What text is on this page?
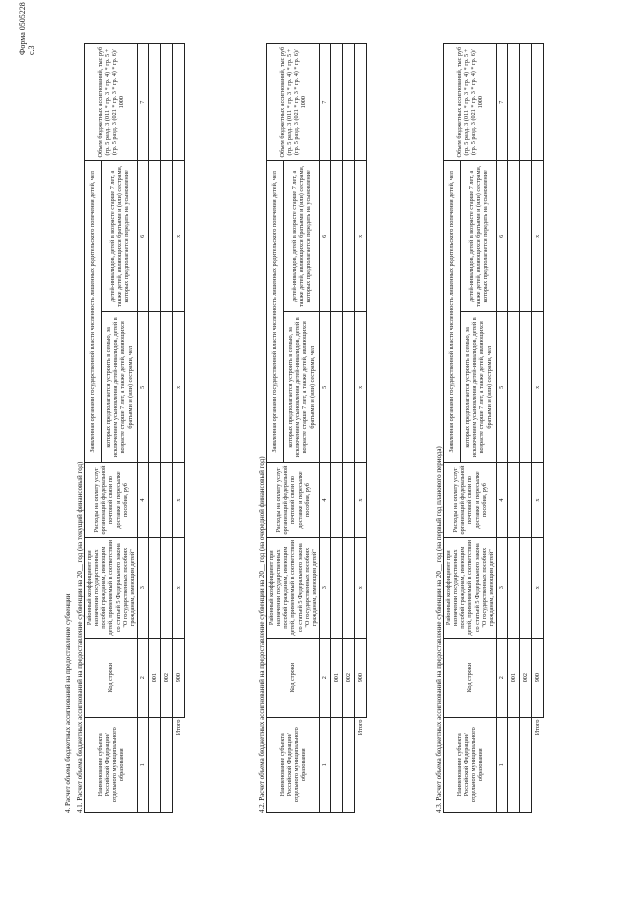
Форма 0505228 с.3
4. Расчет объема бюджетных ассигнований на предоставление субвенции 4.1. Расчет объема бюджетных ассигнований на предоставление субвенции на 20__ год (на текущий финансовый год) Наименование субъекта Российской Федерации/ отдельного муниципального образования	Код строки	Районный коэффициент при назначении государственных пособий гражданам, имеющим детей, применяемый в соответствии со статьей 5 Федерального закона "О государственных пособиях гражданам, имеющим детей"	Расходы на оплату услуг организаций федеральной почтовой связи по доставке и пересылке пособия, руб	Заявленная органами государственной власти численность лишенных родительского попечения детей, чел		Объем бюджетных ассигнований, тыс руб (гр. 5 разд. 3 (011 * гр. 3 * гр. 4) * гр. 5 + (гр. 5 разд. 3 (021 * гр. 3 * гр. 4) * гр. 6)/ 1000
				которых предполагается устроить в семью, за исключением усыновления детей-инвалидов, детей в возрасте старше 7 лет, а также детей, являющихся братьями и (или) сестрами, чел	детей-инвалидов, детей в возрасте старше 7 лет, а также детей, являющихся братьями и (или) сестрами, которых предполагается передать на усыновление	
1	2	3	4	5	6	7
	001					
	002					
Итого	900	x	x	x	x	
4.2. Расчет объема бюджетных ассигнований на предоставление субвенции на 20__ год (на очередной финансовый год) Наименование субъекта Российской Федерации/ отдельного муниципального образования	Код строки	Районный коэффициент при назначении государственных пособий гражданам, имеющим детей, применяемый в соответствии со статьей 5 Федерального закона "О государственных пособиях гражданам, имеющим детей"	Расходы на оплату услуг организаций федеральной почтовой связи по доставке и пересылке пособия, руб	Заявленная органами государственной власти численность лишенных родительского попечения детей, чел		Объем бюджетных ассигнований, тыс руб (гр. 5 разд. 3 (011 * гр. 3 * гр. 4) * гр. 5 + (гр. 5 разд. 3 (021 * гр. 3 * гр. 4) * гр. 6)/ 1000
				которых предполагается устроить в семью, за исключением усыновления детей-инвалидов, детей в возрасте старше 7 лет, а также детей, являющихся братьями и (или) сестрами, чел	детей-инвалидов, детей в возрасте старше 7 лет, а также детей, являющихся братьями и (или) сестрами, которых предполагается передать на усыновление	
1	2	3	4	5	6	7
	001					
	002					
Итого	900	x	x	x	x	
4.3. Расчет объема бюджетных ассигнований на предоставление субвенции на 20__ год (на первый год планового периода) Наименование субъекта Российской Федерации/ отдельного муниципального образования	Код строки	Районный коэффициент при назначении государственных пособий гражданам, имеющим детей, применяемый в соответствии со статьей 5 Федерального закона "О государственных пособиях гражданам, имеющим детей"	Расходы на оплату услуг организаций федеральной почтовой связи по доставке и пересылке пособия, руб	Заявленная органами государственной власти численность лишенных родительского попечения детей, чел		Объем бюджетных ассигнований, тыс руб (гр. 5 разд. 3 (011 * гр. 3 * гр. 4) * гр. 5 + (гр. 5 разд. 3 (021 * гр. 3 * гр. 4) * гр. 6)/ 1000
				которых предполагается устроить в семью, за исключением усыновления детей-инвалидов, детей в возрасте старше 7 лет, а также детей, являющихся братьями и (или) сестрами, чел	детей-инвалидов, детей в возрасте старше 7 лет, а также детей, являющихся братьями и (или) сестрами, которых предполагается передать на усыновление	
1	2	3	4	5	6	7
	001					
	002					
Итого	900	x	x	x	x	
